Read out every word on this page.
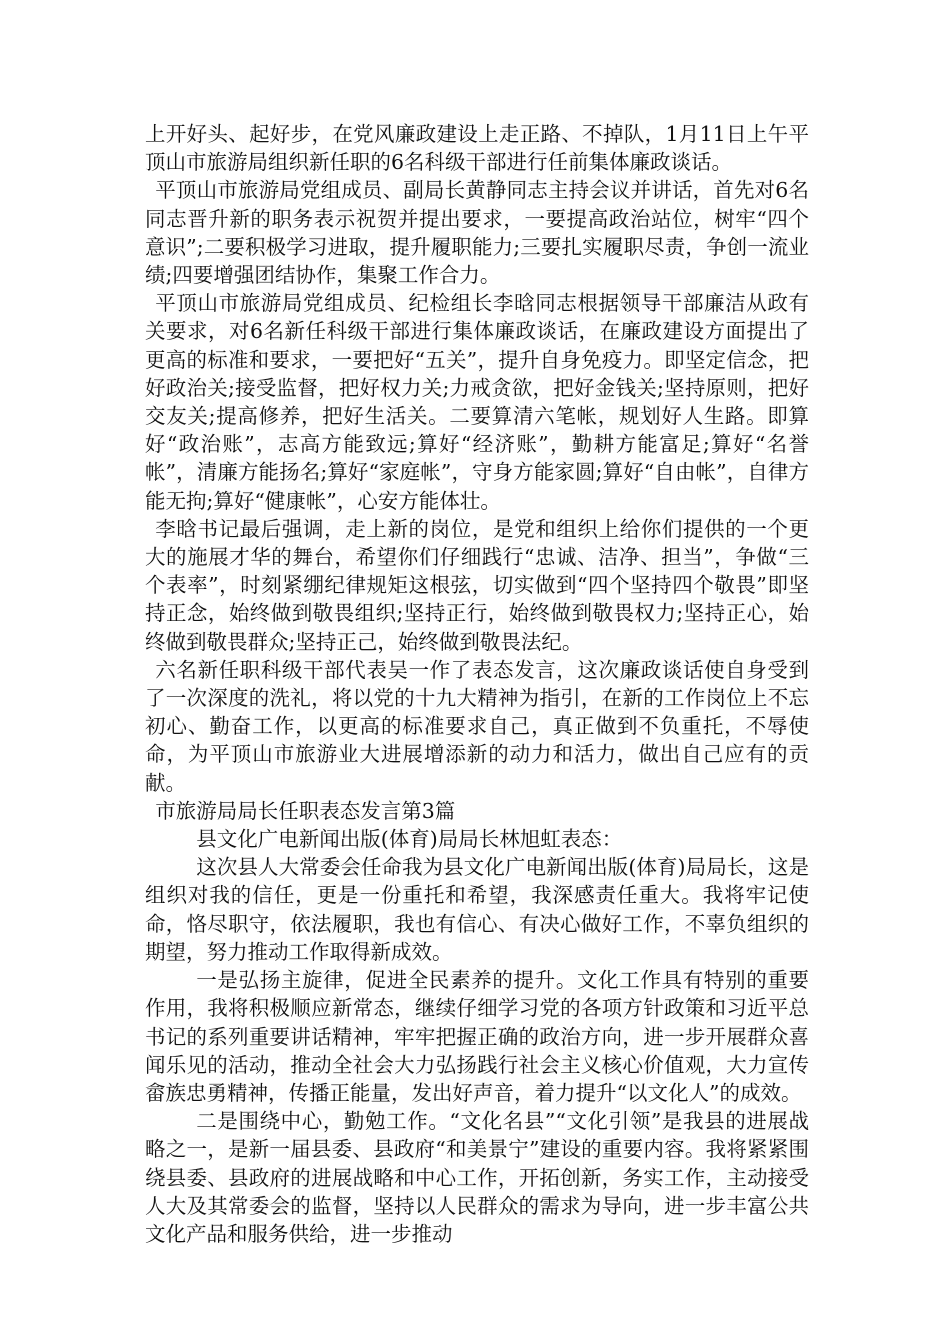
上开好头、起好步，在党风廉政建设上走正路、不掉队，1月11日上午平顶山市旅游局组织新任职的6名科级干部进行任前集体廉政谈话。

平顶山市旅游局党组成员、副局长黄静同志主持会议并讲话，首先对6名同志晋升新的职务表示祝贺并提出要求，一要提高政治站位，树牢“四个意识”;二要积极学习进取，提升履职能力;三要扎实履职尽责，争创一流业绩;四要增强团结协作，集聚工作合力。

平顶山市旅游局党组成员、纪检组长李晗同志根据领导干部廉洁从政有关要求，对6名新任科级干部进行集体廉政谈话，在廉政建设方面提出了更高的标准和要求，一要把好“五关”，提升自身免疫力。即坚定信念，把好政治关;接受监督，把好权力关;力戒贪欲，把好金钱关;坚持原则，把好交友关;提高修养，把好生活关。二要算清六笔帐，规划好人生路。即算好“政治账”，志高方能致远;算好“经济账”，勤耕方能富足;算好“名誉帐”，清廉方能扬名;算好“家庭帐”，守身方能家圆;算好“自由帐”，自律方能无拘;算好“健康帐”，心安方能体壮。

李晗书记最后强调，走上新的岗位，是党和组织上给你们提供的一个更大的施展才华的舞台，希望你们仔细践行“忠诚、洁净、担当”，争做“三个表率”，时刻紧绷纪律规矩这根弦，切实做到“四个坚持四个敬畏”即坚持正念，始终做到敬畏组织;坚持正行，始终做到敬畏权力;坚持正心，始终做到敬畏群众;坚持正己，始终做到敬畏法纪。

六名新任职科级干部代表吴一作了表态发言，这次廉政谈话使自身受到了一次深度的洗礼，将以党的十九大精神为指引，在新的工作岗位上不忘初心、勤奋工作，以更高的标准要求自己，真正做到不负重托，不辱使命，为平顶山市旅游业大进展增添新的动力和活力，做出自己应有的贡献。

市旅游局局长任职表态发言第3篇

县文化广电新闻出版(体育)局局长林旭虹表态：

这次县人大常委会任命我为县文化广电新闻出版(体育)局局长，这是组织对我的信任，更是一份重托和希望，我深感责任重大。我将牢记使命，恪尽职守，依法履职，我也有信心、有决心做好工作，不辜负组织的期望，努力推动工作取得新成效。

一是弘扬主旋律，促进全民素养的提升。文化工作具有特别的重要作用，我将积极顺应新常态，继续仔细学习党的各项方针政策和习近平总书记的系列重要讲话精神，牢牢把握正确的政治方向，进一步开展群众喜闻乐见的活动，推动全社会大力弘扬践行社会主义核心价值观，大力宣传畲族忠勇精神，传播正能量，发出好声音，着力提升“以文化人”的成效。

二是围绕中心，勤勉工作。“文化名县”“文化引领”是我县的进展战略之一，是新一届县委、县政府“和美景宁”建设的重要内容。我将紧紧围绕县委、县政府的进展战略和中心工作，开拓创新，务实工作，主动接受人大及其常委会的监督，坚持以人民群众的需求为导向，进一步丰富公共文化产品和服务供给，进一步推动
